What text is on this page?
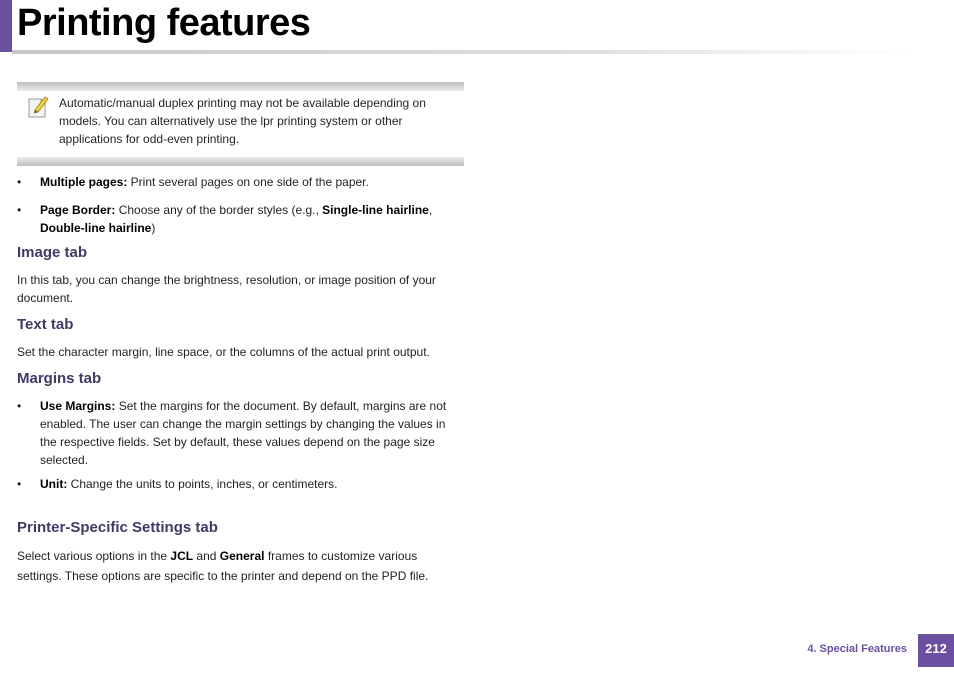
Printing features
Automatic/manual duplex printing may not be available depending on models. You can alternatively use the lpr printing system or other applications for odd-even printing.
• Multiple pages: Print several pages on one side of the paper.
• Page Border: Choose any of the border styles (e.g., Single-line hairline, Double-line hairline)
Image tab
In this tab, you can change the brightness, resolution, or image position of your document.
Text tab
Set the character margin, line space, or the columns of the actual print output.
Margins tab
• Use Margins: Set the margins for the document. By default, margins are not enabled. The user can change the margin settings by changing the values in the respective fields. Set by default, these values depend on the page size selected.
• Unit: Change the units to points, inches, or centimeters.
Printer-Specific Settings tab
Select various options in the JCL and General frames to customize various settings. These options are specific to the printer and depend on the PPD file.
4. Special Features	212
